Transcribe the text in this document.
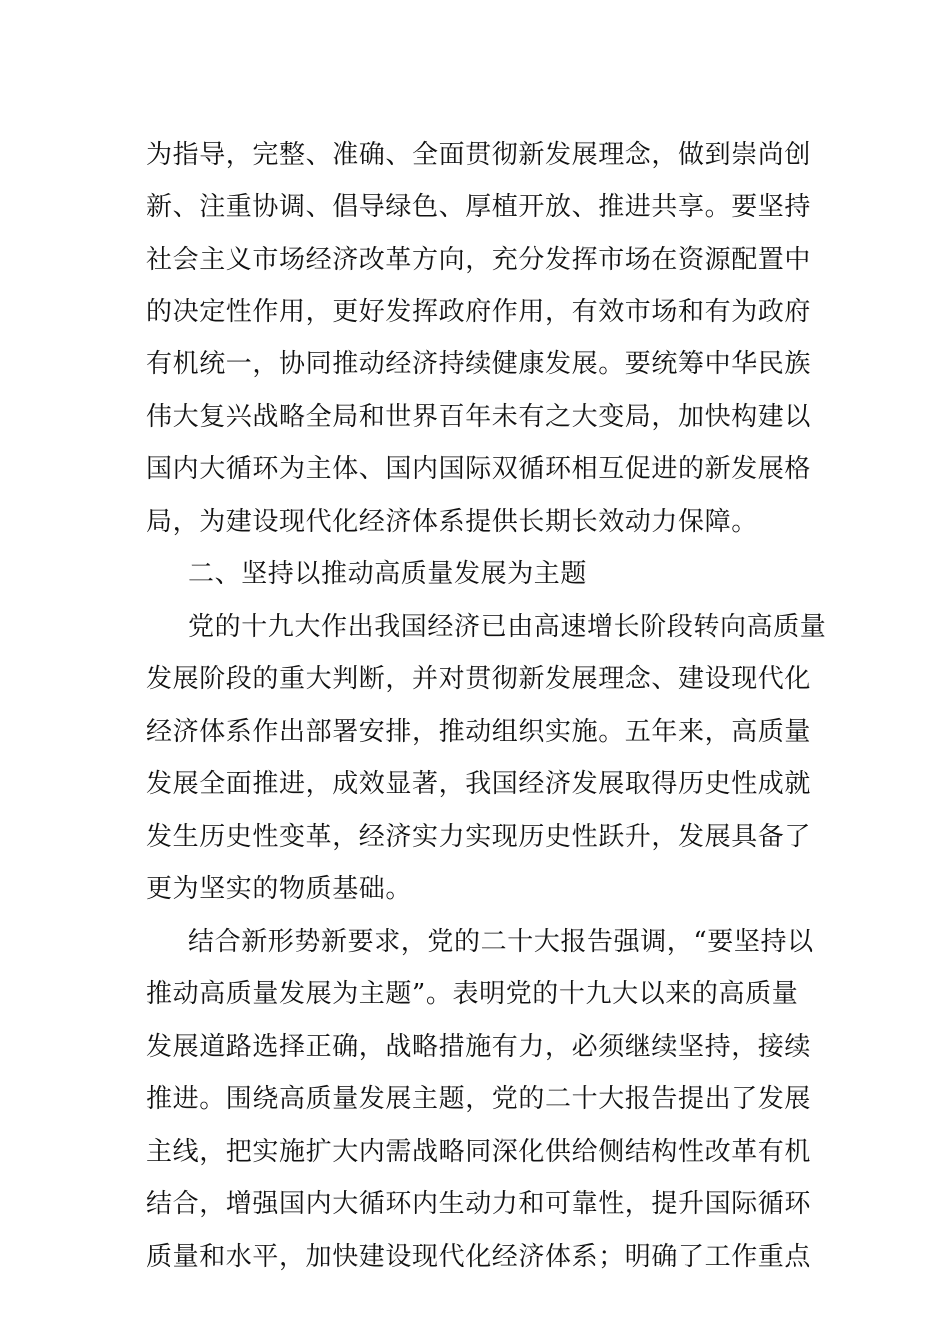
为指导，完整、准确、全面贯彻新发展理念，做到崇尚创
新、注重协调、倡导绿色、厚植开放、推进共享。要坚持
社会主义市场经济改革方向，充分发挥市场在资源配置中
的决定性作用，更好发挥政府作用，有效市场和有为政府
有机统一，协同推动经济持续健康发展。要统筹中华民族
伟大复兴战略全局和世界百年未有之大变局，加快构建以
国内大循环为主体、国内国际双循环相互促进的新发展格
局，为建设现代化经济体系提供长期长效动力保障。
二、坚持以推动高质量发展为主题
党的十九大作出我国经济已由高速增长阶段转向高质量
发展阶段的重大判断，并对贯彻新发展理念、建设现代化
经济体系作出部署安排，推动组织实施。五年来，高质量
发展全面推进，成效显著，我国经济发展取得历史性成就
发生历史性变革，经济实力实现历史性跃升，发展具备了
更为坚实的物质基础。
结合新形势新要求，党的二十大报告强调，“要坚持以
推动高质量发展为主题”。表明党的十九大以来的高质量
发展道路选择正确，战略措施有力，必须继续坚持，接续
推进。围绕高质量发展主题，党的二十大报告提出了发展
主线，把实施扩大内需战略同深化供给侧结构性改革有机
结合，增强国内大循环内生动力和可靠性，提升国际循环
质量和水平，加快建设现代化经济体系；明确了工作重点
